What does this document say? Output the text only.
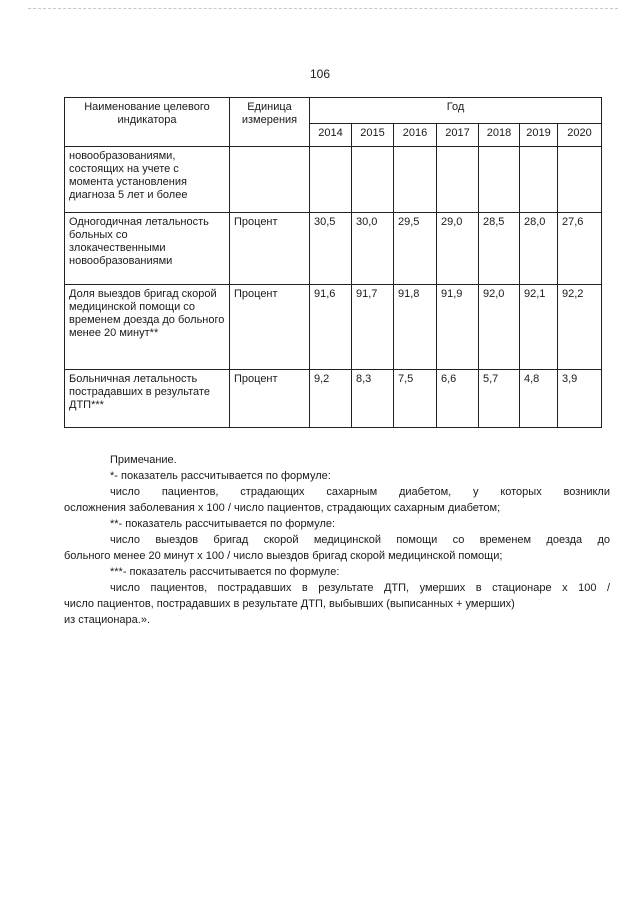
106
Наименование целевого индикатора	Единица измерения	Год						
		2014	2015	2016	2017	2018	2019	2020
новообразованиями, состоящих на учете с момента установления диагноза 5 лет и более								
Одногодичная летальность больных со злокачественными новообразованиями	Процент	30,5	30,0	29,5	29,0	28,5	28,0	27,6
Доля выездов бригад скорой медицинской помощи со временем доезда до больного менее 20 минут**	Процент	91,6	91,7	91,8	91,9	92,0	92,1	92,2
Больничная летальность пострадавших в результате ДТП***	Процент	9,2	8,3	7,5	6,6	5,7	4,8	3,9
Примечание.
*- показатель рассчитывается по формуле:
число пациентов, страдающих сахарным диабетом, у которых возникли
осложнения заболевания х 100 / число пациентов, страдающих сахарным диабетом;
**- показатель рассчитывается по формуле:
число выездов бригад скорой медицинской помощи со временем доезда до
больного менее 20 минут х 100 / число выездов бригад скорой медицинской помощи;
***- показатель рассчитывается по формуле:
число пациентов, пострадавших в результате ДТП, умерших в стационаре х 100 /
число пациентов, пострадавших в результате ДТП, выбывших (выписанных + умерших)
из стационара.».
